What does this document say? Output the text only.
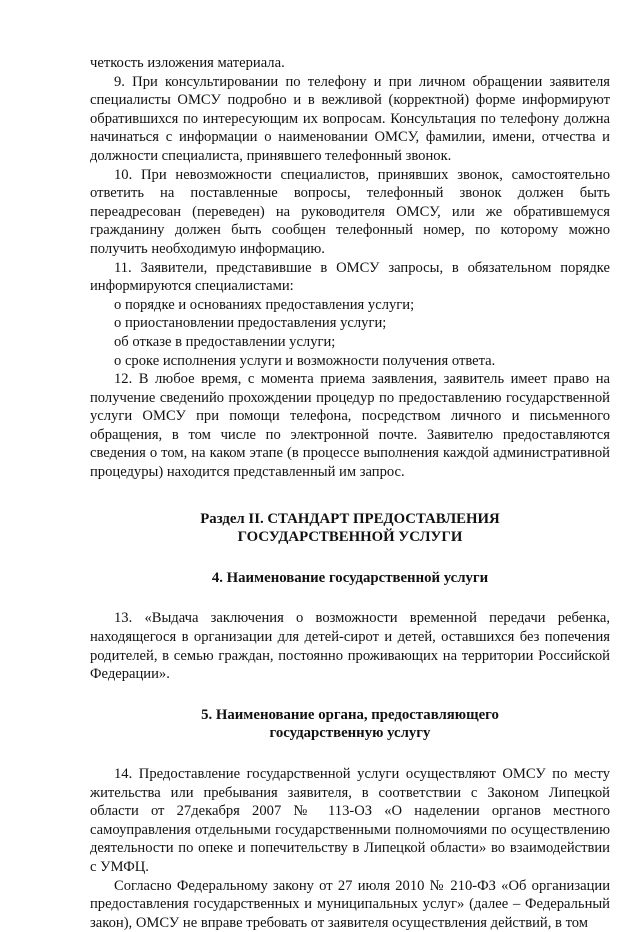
четкость изложения материала.

9. При консультировании по телефону и при личном обращении заявителя специалисты ОМСУ подробно и в вежливой (корректной) форме информируют обратившихся по интересующим их вопросам. Консультация по телефону должна начинаться с информации о наименовании ОМСУ, фамилии, имени, отчества и должности специалиста, принявшего телефонный звонок.

10. При невозможности специалистов, принявших звонок, самостоятельно ответить на поставленные вопросы, телефонный звонок должен быть переадресован (переведен) на руководителя ОМСУ, или же обратившемуся гражданину должен быть сообщен телефонный номер, по которому можно получить необходимую информацию.

11. Заявители, представившие в ОМСУ запросы, в обязательном порядке информируются специалистами:

о порядке и основаниях предоставления услуги;

о приостановлении предоставления услуги;

об отказе в предоставлении услуги;

о сроке исполнения услуги и возможности получения ответа.

12. В любое время, с момента приема заявления, заявитель имеет право на получение сведенийо прохождении процедур по предоставлению государственной услуги ОМСУ при помощи телефона, посредством личного и письменного обращения, в том числе по электронной почте. Заявителю предоставляются сведения о том, на каком этапе (в процессе выполнения каждой административной процедуры) находится представленный им запрос.

Раздел II. СТАНДАРТ ПРЕДОСТАВЛЕНИЯ

ГОСУДАРСТВЕННОЙ УСЛУГИ

4. Наименование государственной услуги

13. «Выдача заключения о возможности временной передачи ребенка, находящегося в организации для детей-сирот и детей, оставшихся без попечения родителей, в семью граждан, постоянно проживающих на территории Российской Федерации».

5. Наименование органа, предоставляющего

государственную услугу

14. Предоставление государственной услуги осуществляют ОМСУ по месту жительства или пребывания заявителя, в соответствии с Законом Липецкой области от 27декабря 2007 № 113-ОЗ «О наделении органов местного самоуправления отдельными государственными полномочиями по осуществлению деятельности по опеке и попечительству в Липецкой области» во взаимодействии с УМФЦ.

Согласно Федеральному закону от 27 июля 2010 № 210-ФЗ «Об организации предоставления государственных и муниципальных услуг» (далее – Федеральный закон), ОМСУ не вправе требовать от заявителя осуществления действий, в том
